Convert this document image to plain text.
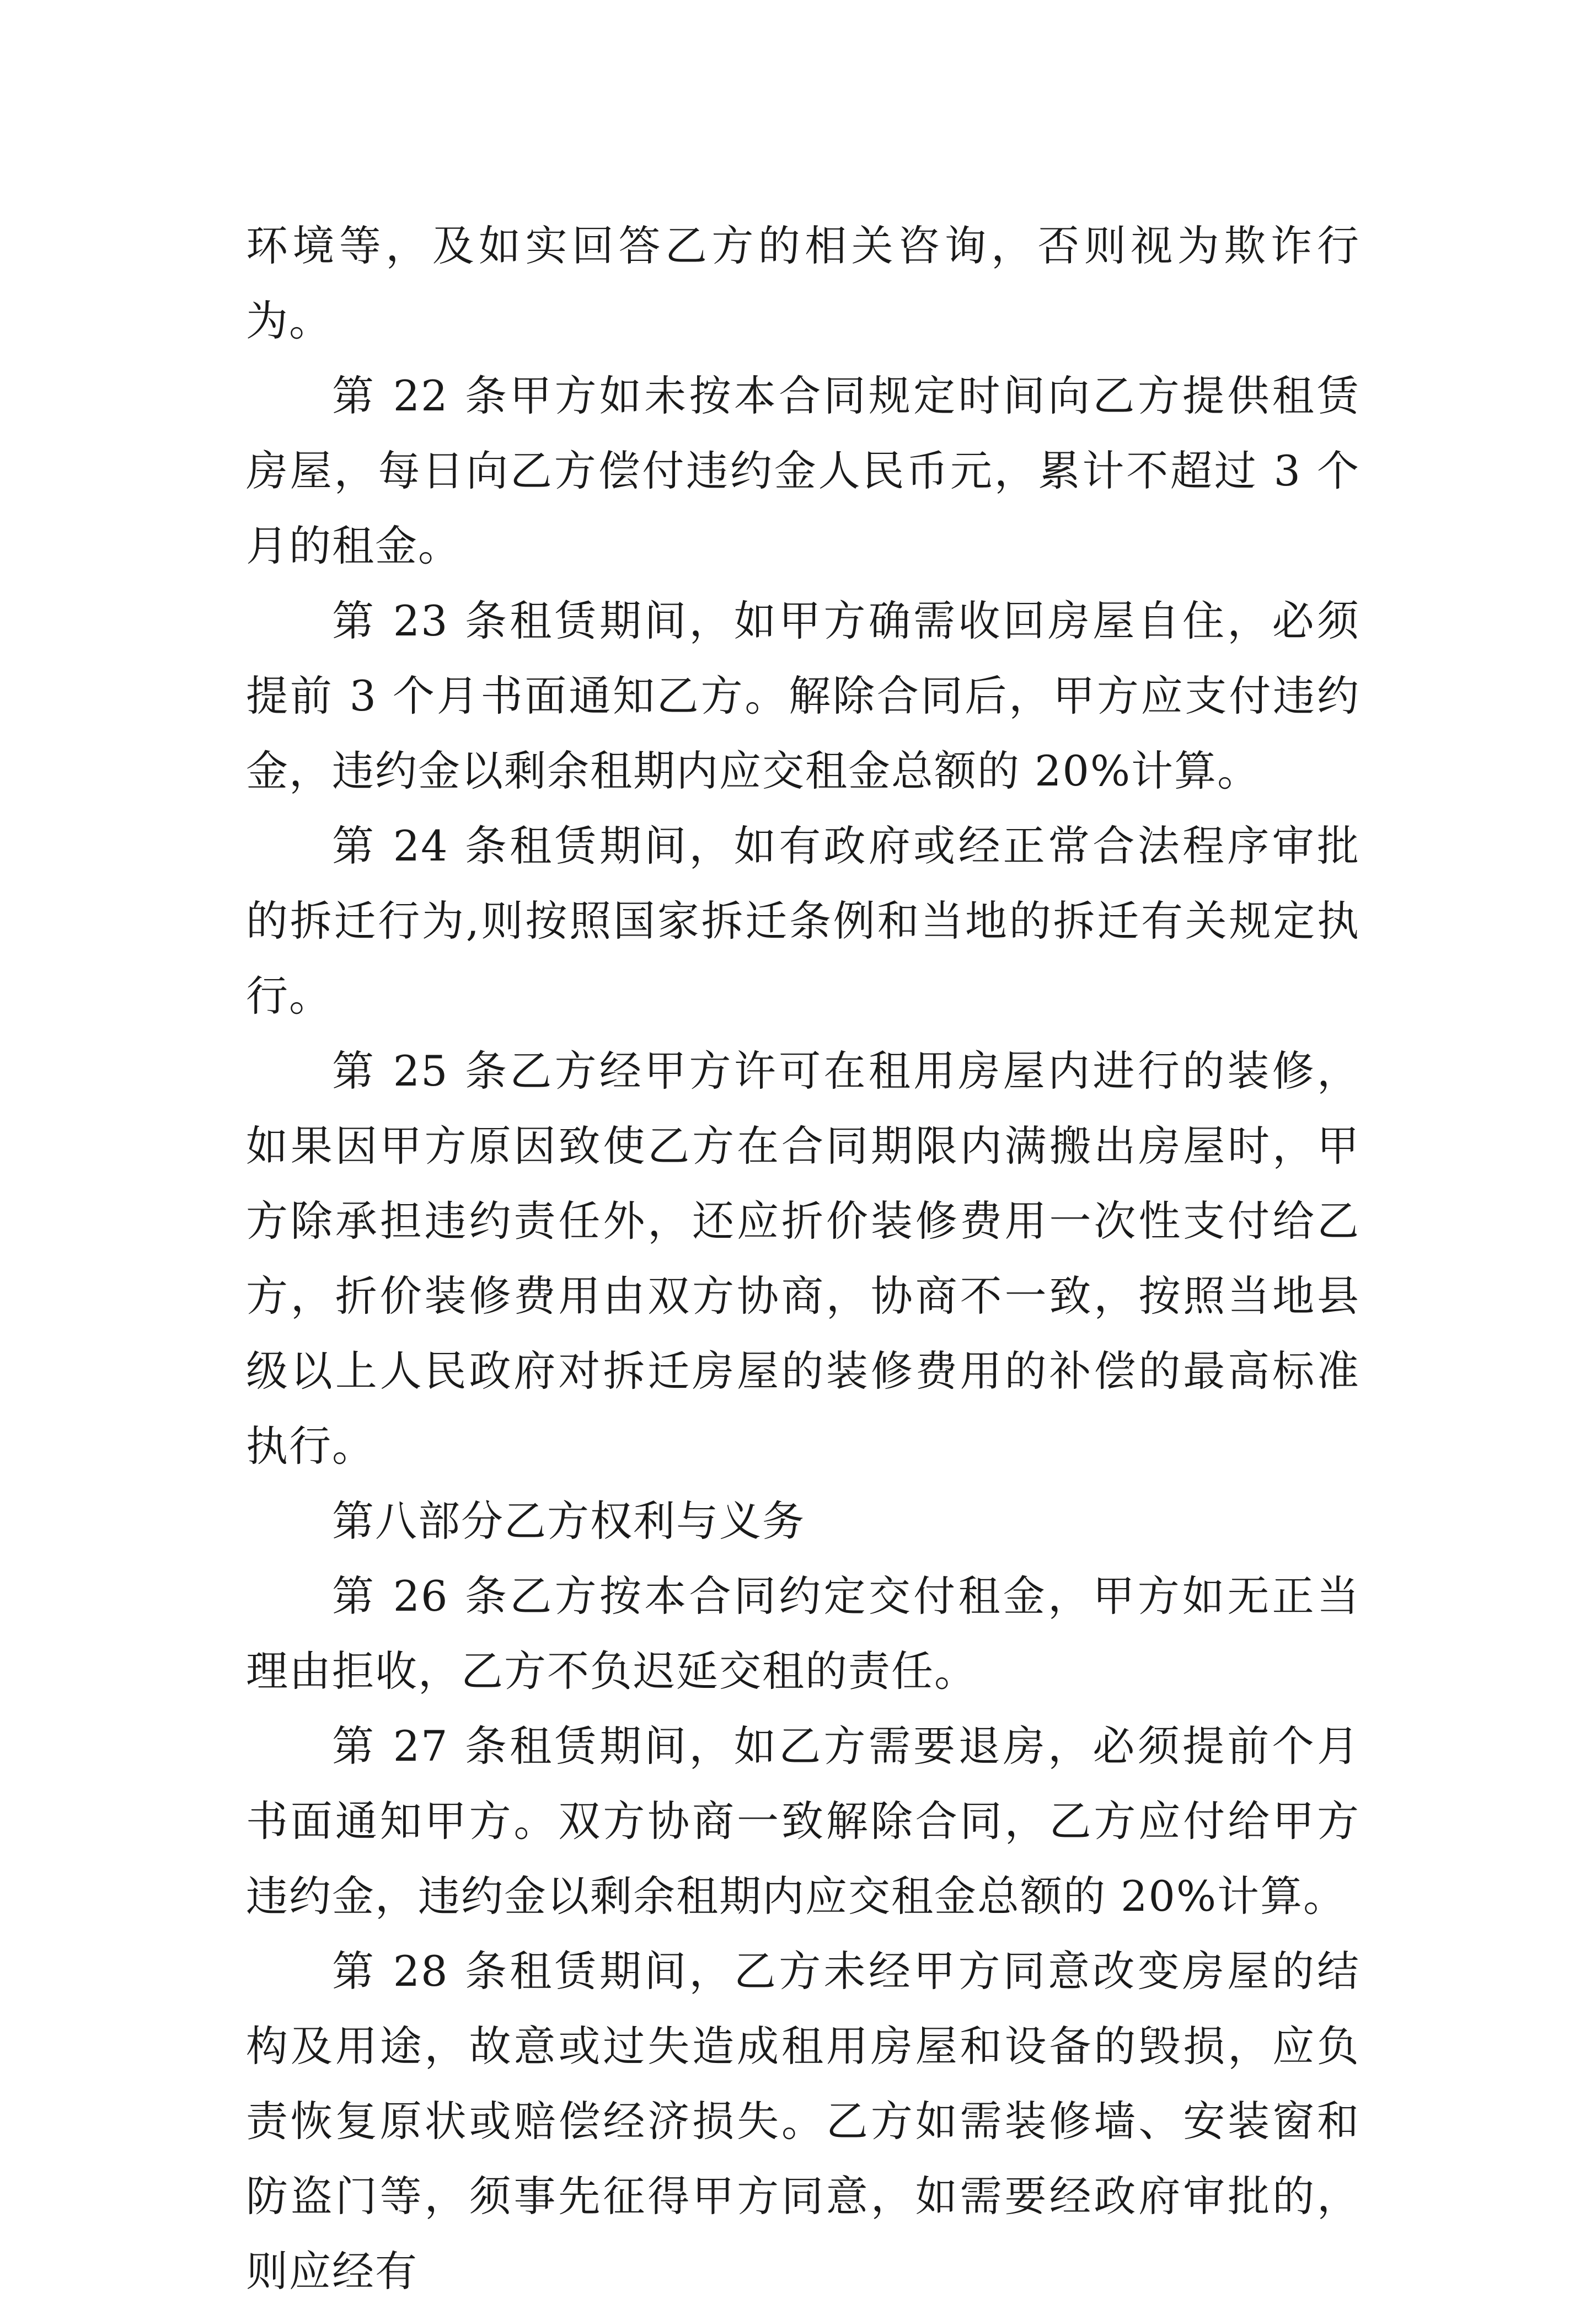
环境等，及如实回答乙方的相关咨询，否则视为欺诈行为。

第 22 条甲方如未按本合同规定时间向乙方提供租赁房屋，每日向乙方偿付违约金人民币元，累计不超过 3 个月的租金。

第 23 条租赁期间，如甲方确需收回房屋自住，必须提前 3 个月书面通知乙方。解除合同后，甲方应支付违约金，违约金以剩余租期内应交租金总额的 20%计算。

第 24 条租赁期间，如有政府或经正常合法程序审批的拆迁行为,则按照国家拆迁条例和当地的拆迁有关规定执行。

第 25 条乙方经甲方许可在租用房屋内进行的装修，如果因甲方原因致使乙方在合同期限内满搬出房屋时，甲方除承担违约责任外，还应折价装修费用一次性支付给乙方，折价装修费用由双方协商，协商不一致，按照当地县级以上人民政府对拆迁房屋的装修费用的补偿的最高标准执行。

第八部分乙方权利与义务

第 26 条乙方按本合同约定交付租金，甲方如无正当理由拒收，乙方不负迟延交租的责任。

第 27 条租赁期间，如乙方需要退房，必须提前个月书面通知甲方。双方协商一致解除合同，乙方应付给甲方违约金，违约金以剩余租期内应交租金总额的 20%计算。

第 28 条租赁期间，乙方未经甲方同意改变房屋的结构及用途，故意或过失造成租用房屋和设备的毁损，应负责恢复原状或赔偿经济损失。乙方如需装修墙、安装窗和防盗门等，须事先征得甲方同意，如需要经政府审批的，则应经有
